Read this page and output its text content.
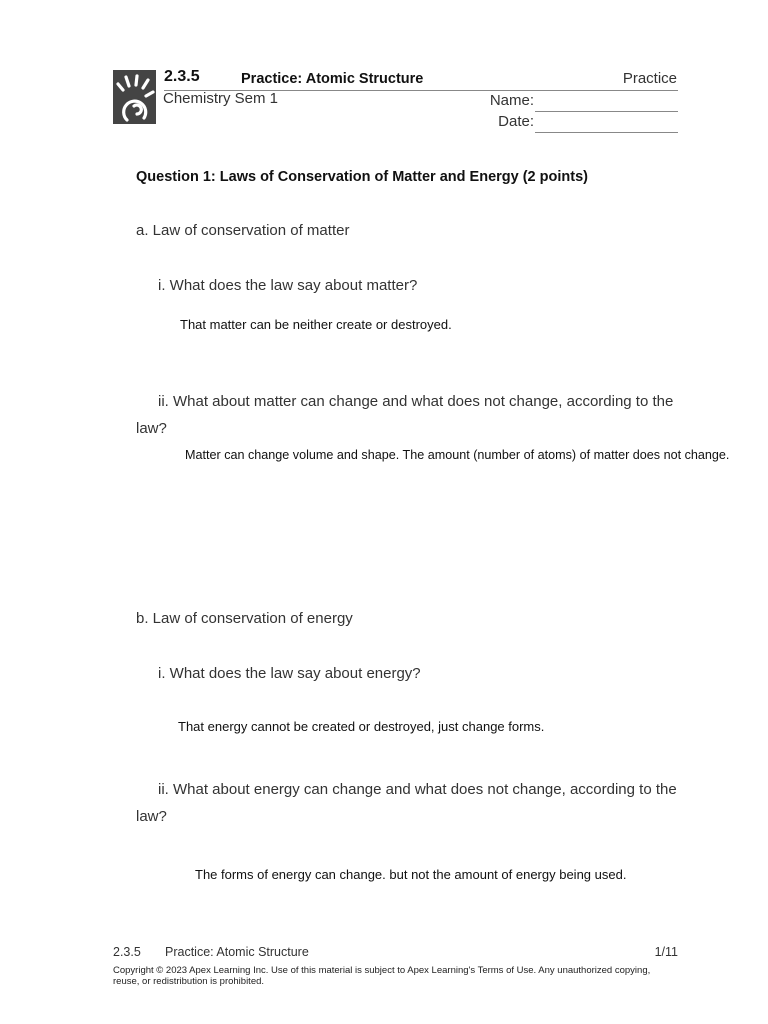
2.3.5	Practice: Atomic Structure	Practice
Chemistry Sem 1	Name:
Date:
Question 1: Laws of Conservation of Matter and Energy (2 points)
a. Law of conservation of matter
i. What does the law say about matter?
That matter can be neither create or destroyed.
ii. What about matter can change and what does not change, according to the
law?
Matter can change volume and shape. The amount (number of atoms) of matter does not change.
b. Law of conservation of energy
i. What does the law say about energy?
That energy cannot be created or destroyed, just change forms.
ii. What about energy can change and what does not change, according to the
law?
The forms of energy can change. but not the amount of energy being used.
2.3.5 Practice: Atomic Structure	1/11
Copyright © 2023 Apex Learning Inc. Use of this material is subject to Apex Learning's Terms of Use. Any unauthorized copying, reuse, or redistribution is prohibited.
